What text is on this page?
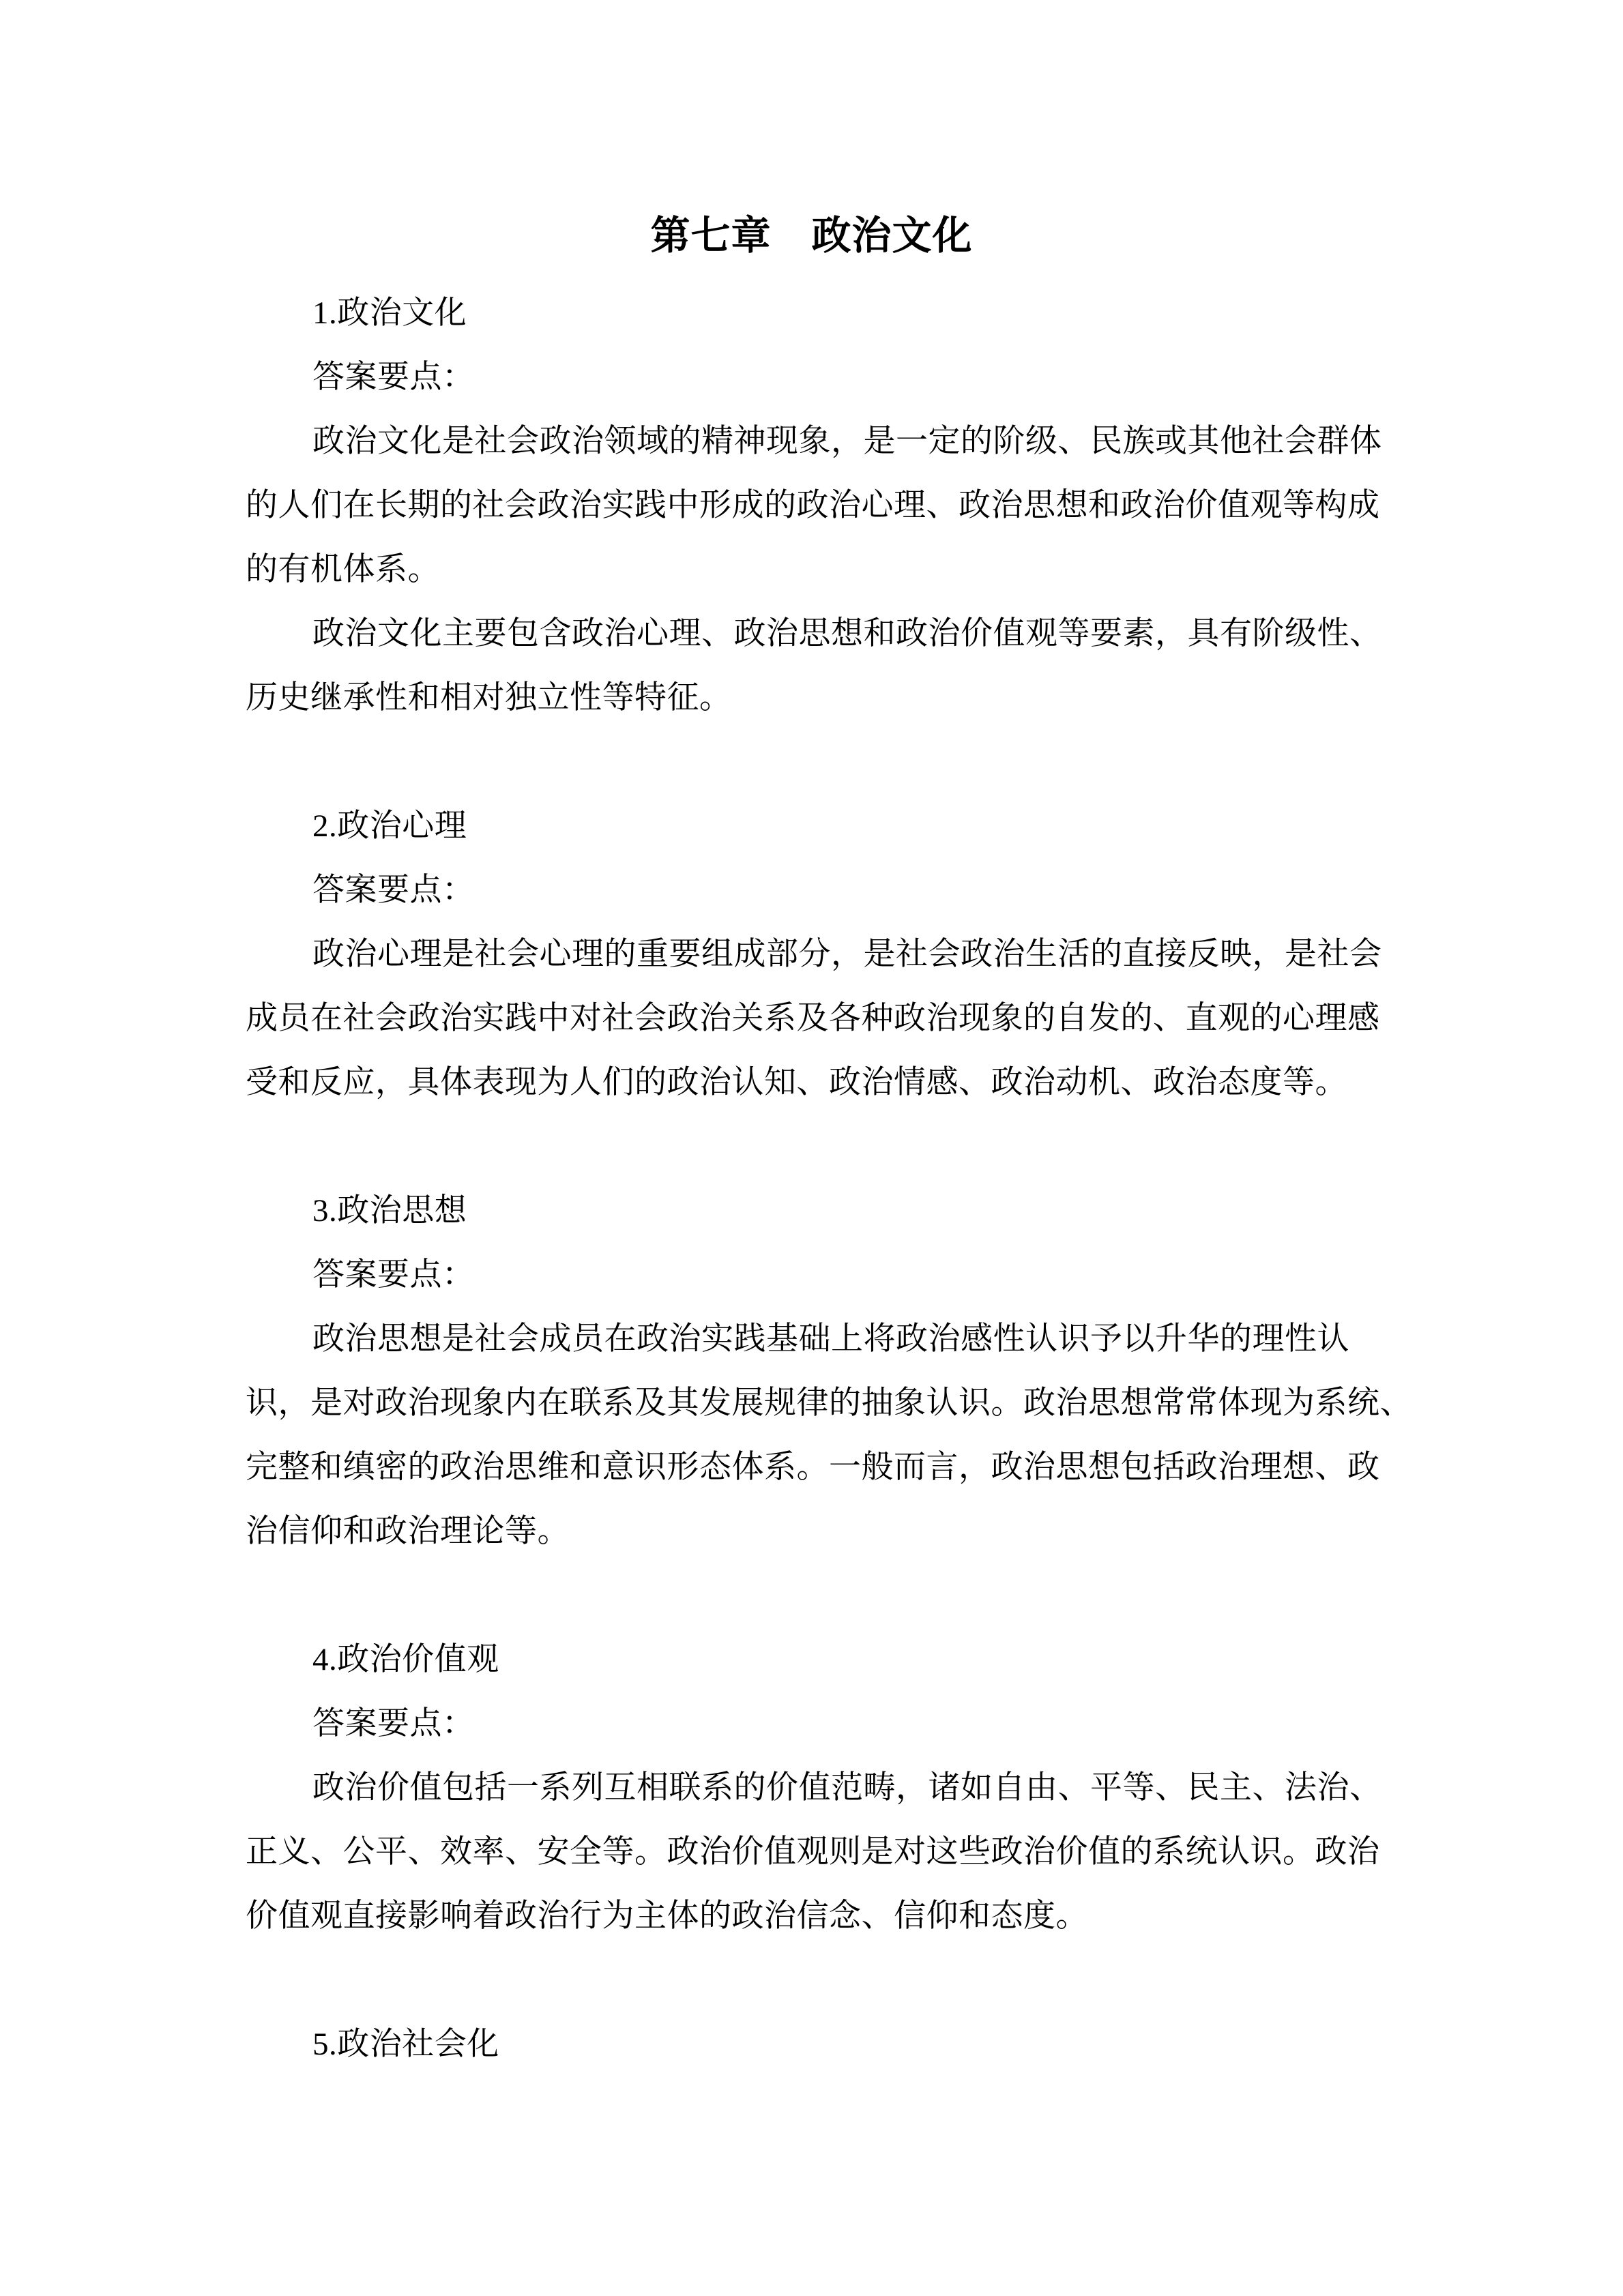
第七章　政治文化
1.政治文化
答案要点：
政治文化是社会政治领域的精神现象，是一定的阶级、民族或其他社会群体
的人们在长期的社会政治实践中形成的政治心理、政治思想和政治价值观等构成
的有机体系。
政治文化主要包含政治心理、政治思想和政治价值观等要素，具有阶级性、
历史继承性和相对独立性等特征。
2.政治心理
答案要点：
政治心理是社会心理的重要组成部分，是社会政治生活的直接反映，是社会
成员在社会政治实践中对社会政治关系及各种政治现象的自发的、直观的心理感
受和反应，具体表现为人们的政治认知、政治情感、政治动机、政治态度等。
3.政治思想
答案要点：
政治思想是社会成员在政治实践基础上将政治感性认识予以升华的理性认
识，是对政治现象内在联系及其发展规律的抽象认识。政治思想常常体现为系统、
完整和缜密的政治思维和意识形态体系。一般而言，政治思想包括政治理想、政
治信仰和政治理论等。
4.政治价值观
答案要点：
政治价值包括一系列互相联系的价值范畴，诸如自由、平等、民主、法治、
正义、公平、效率、安全等。政治价值观则是对这些政治价值的系统认识。政治
价值观直接影响着政治行为主体的政治信念、信仰和态度。
5.政治社会化
